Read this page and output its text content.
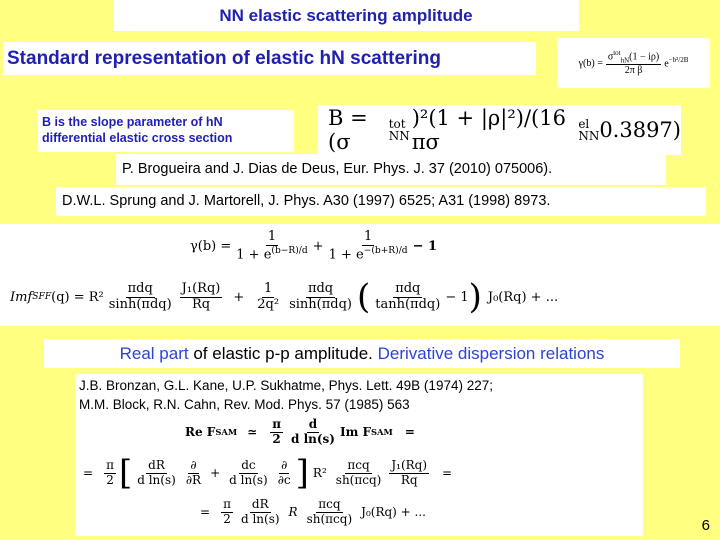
NN elastic scattering amplitude
Standard representation of elastic hN scattering	$\gamma(b) = \frac{\sigma^{tot}_{hN}(1 - i\rho)}{\text{2π β}} e^{-b^2/2B}$
B is the slope parameter of hN
differential elastic cross section
B = (σ
tot
NN
)²(1 + |ρ|²)/(16 πσ
el
NN 0.3897)
P. Brogueira and J. Dias de Deus, Eur. Phys. J. 37 (2010) 075006).
D.W.L. Sprung and J. Martorell, J. Phys. A30 (1997) 6525; A31 (1998) 8973.
$\gamma(b) = \frac{1}{1 + e^{(b-R)/d}} + \frac{1}{1 + e^{-(b+R)/d}} - 1$
Imf SFF $(q) = R^2 \frac{\text{πdq}}{\text{sinh(πdq)}} \frac{\text{J₁(Rq)}}{Rq} + \frac{1}{\text{2q²}} \frac{\text{πdq}}{\text{sinh(πdq)}}$ ( $\frac{\text{πdq}}{\text{tanh(πdq)}} - 1$ ) J₀(Rq) + ...
Real part of elastic p-p amplitude. Derivative dispersion relations
J.B. Bronzan, G.L. Kane, U.P. Sukhatme, Phys. Lett. 49B (1974) 227;
M.M. Block, R.N. Cahn, Rev. Mod. Phys. 57 (1985) 563
Re F SAM ≃ $\frac{\pi}{2} \frac{d}{\text{d ln(s)}}$ Im F SAM =
= $\frac{\pi}{2}$ [ $\frac{dR}{\text{d ln(s)}} \frac{\partial}{\partial R} + \frac{dc}{\text{d ln(s)}} \frac{\partial}{\partial c}$ ] $R^2 \frac{\text{πcq}}{\text{sh(πcq)}} \frac{\text{J₁(Rq)}}{Rq}$ =
= $\frac{\pi}{2} \frac{dR}{\text{d ln(s)}}$ R $\frac{\text{πcq}}{\text{sh(πcq)}} J_0(Rq)$ + ...
6
